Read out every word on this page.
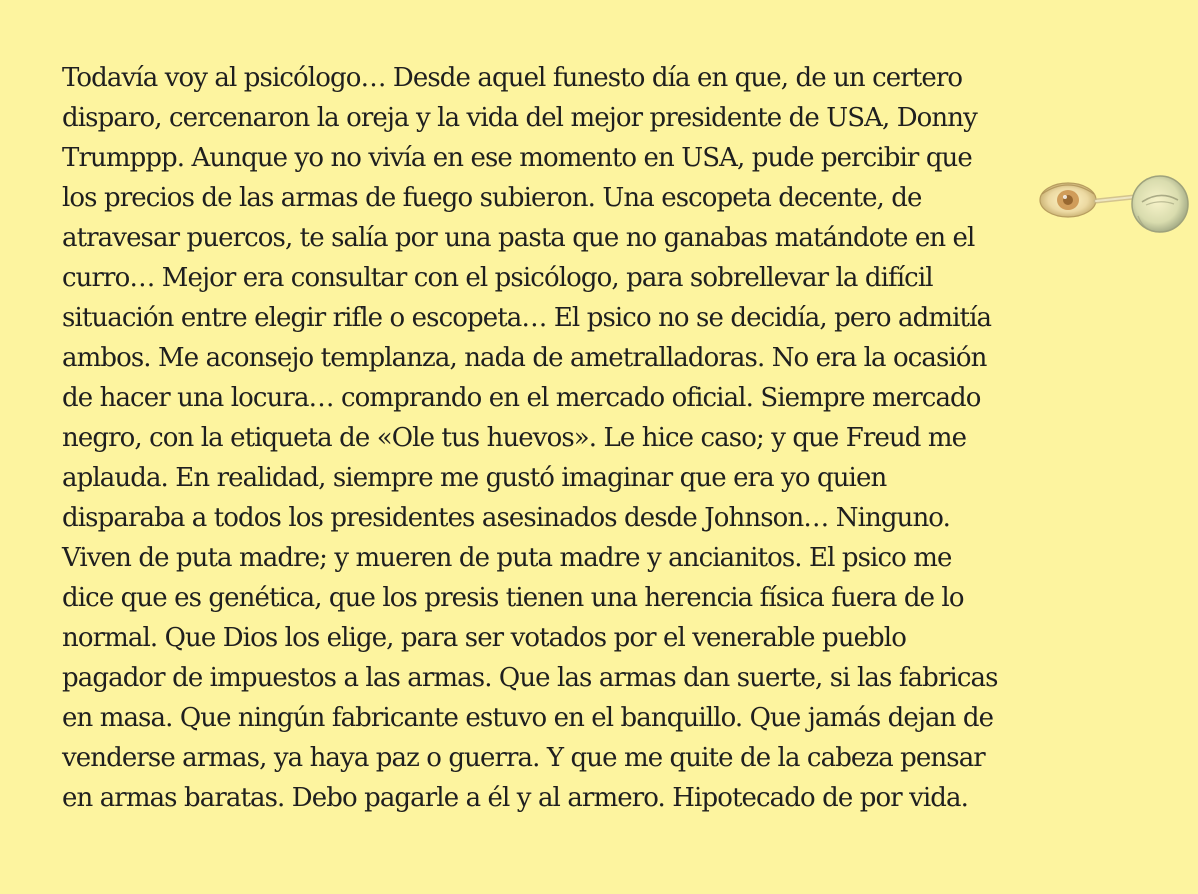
Todavía voy al psicólogo… Desde aquel funesto día en que, de un certero
disparo, cercenaron la oreja y la vida del mejor presidente de USA, Donny
Trumppp. Aunque yo no vivía en ese momento en USA, pude percibir que
los precios de las armas de fuego subieron. Una escopeta decente, de
atravesar puercos, te salía por una pasta que no ganabas matándote en el
curro… Mejor era consultar con el psicólogo, para sobrellevar la difícil
situación entre elegir rifle o escopeta… El psico no se decidía, pero admitía
ambos. Me aconsejo templanza, nada de ametralladoras. No era la ocasión
de hacer una locura… comprando en el mercado oficial. Siempre mercado
negro, con la etiqueta de «Ole tus huevos». Le hice caso; y que Freud me
aplauda. En realidad, siempre me gustó imaginar que era yo quien
disparaba a todos los presidentes asesinados desde Johnson… Ninguno.
Viven de puta madre; y mueren de puta madre y ancianitos. El psico me
dice que es genética, que los presis tienen una herencia física fuera de lo
normal. Que Dios los elige, para ser votados por el venerable pueblo
pagador de impuestos a las armas. Que las armas dan suerte, si las fabricas
en masa. Que ningún fabricante estuvo en el banquillo. Que jamás dejan de
venderse armas, ya haya paz o guerra. Y que me quite de la cabeza pensar
en armas baratas. Debo pagarle a él y al armero. Hipotecado de por vida.
